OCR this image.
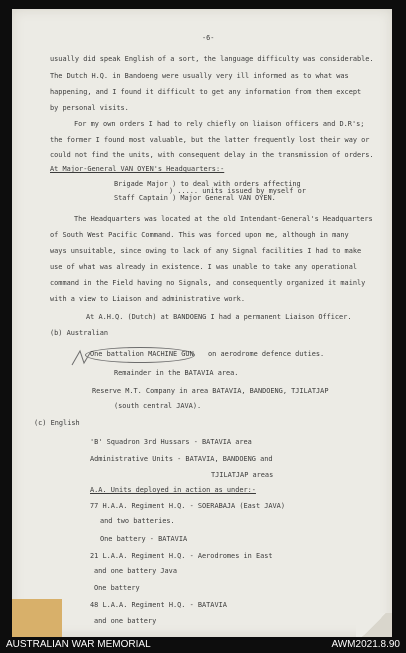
-6-
usually did speak English of a sort, the language difficulty was considerable.
The Dutch H.Q. in Bandoeng were usually very ill informed as to what was
happening, and I found it difficult to get any information from them except
by personal visits.
For my own orders I had to rely chiefly on liaison officers and D.R's;
the former I found most valuable, but the latter frequently lost their way or
could not find the units, with consequent delay in the transmission of orders.
At Major-General VAN OYEN's Headquarters:-
Brigade Major ) to deal with orders affecting
) ..... units issued by myself or
Staff Captain ) Major General VAN OYEN.
The Headquarters was located at the old Intendant-General's Headquarters
of South West Pacific Command. This was forced upon me, although in many
ways unsuitable, since owing to lack of any Signal facilities I had to make
use of what was already in existence. I was unable to take any operational
command in the Field having no Signals, and consequently organized it mainly
with a view to Liaison and administrative work.
At A.H.Q. (Dutch) at BANDOENG I had a permanent Liaison Officer.
(b) Australian
One battalion MACHINE GUN on aerodrome defence duties.
Remainder in the BATAVIA area.
Reserve M.T. Company in area BATAVIA, BANDOENG, TJILATJAP
(south central JAVA).
(c) English
'B' Squadron 3rd Hussars - BATAVIA area
Administrative Units - BATAVIA, BANDOENG and
TJILATJAP areas
A.A. Units deployed in action as under:-
77 H.A.A. Regiment H.Q. - SOERABAJA (East JAVA)
and two batteries.
One battery - BATAVIA
21 L.A.A. Regiment H.Q. - Aerodromes in East
and one battery Java
One battery
48 L.A.A. Regiment H.Q. - BATAVIA
and one battery
AUSTRALIAN WAR MEMORIAL	AWM2021.8.90
